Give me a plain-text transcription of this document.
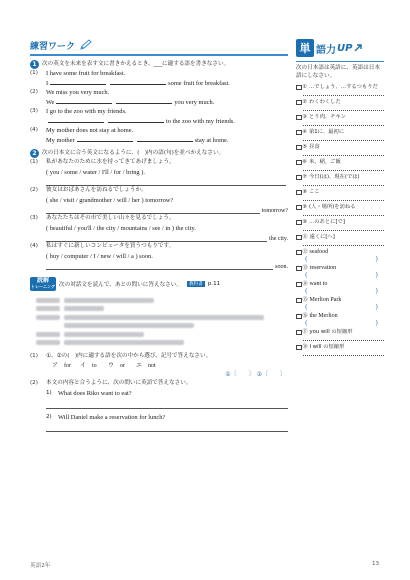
練習ワーク
1 次の英文を未来を表す文に書きかえるとき、___に適する語を書きなさい。
(1)	I have some fruit for breakfast.
I	some fruit for breakfast.
(2)	We miss you very much.
We	you very much.
(3)	I go to the zoo with my friends.
to the zoo with my friends.
(4)	My mother does not stay at home.
My mother	stay at home.
2 次の日本文に合う英文になるように、(　)内の語(句)を並べかえなさい。
(1)	私があなたのために水を持ってきてあげましょう。
( you / some / water / I'll / for / bring ).
(2)	彼女はおばあさんを訪ねるでしょうか。
( she / visit / grandmother / will / her ) tomorrow?
tomorrow?
(3)	あなたたちはその市で美しい山々を見るでしょう。
( beautiful / you'll / the city / mountains / see / in ) the city.
the city.
(4)	私はすぐに新しいコンピュータを買うつもりです。
( buy / computer / I / new / will / a ) soon.
soon.
読解
トレーニング 次の対話文を読んで、あとの問いに答えなさい。	教科書 p.11
(1)	①、②の(　)内に適する語を次の中から選び、記号で答えなさい。
ア　for	イ　to	ウ　or	エ　not
①〔　　〕 ②〔　　〕
(2)	本文の内容と合うように、次の問いに英語で答えなさい。
1) What does Riko want to eat?
2) Will Daniel make a reservation for lunch?
単 語力 UP
次の日本語は英語に、英語は日本語にしなさい。
① …でしょう、…するつもりだ
② わくわくした
③ とり肉、チキン
④ 第1に、最初に
⑤ 昼食
⑥ 米、稲、ご飯
⑦ 今日(は)、現在(では)
⑧ ここ
⑨ (人・場所)を訪ねる
⑩ …のあとに[で]
⑪ 遠くに[へ]
⑫ seafood
(	)
⑬ reservation
(	)
⑭ want to
(	)
⑮ Merlion Park
(	)
⑯ the Merlion
(	)
⑰ you will の短縮形
⑱ I will の短縮形
英語2年	13
